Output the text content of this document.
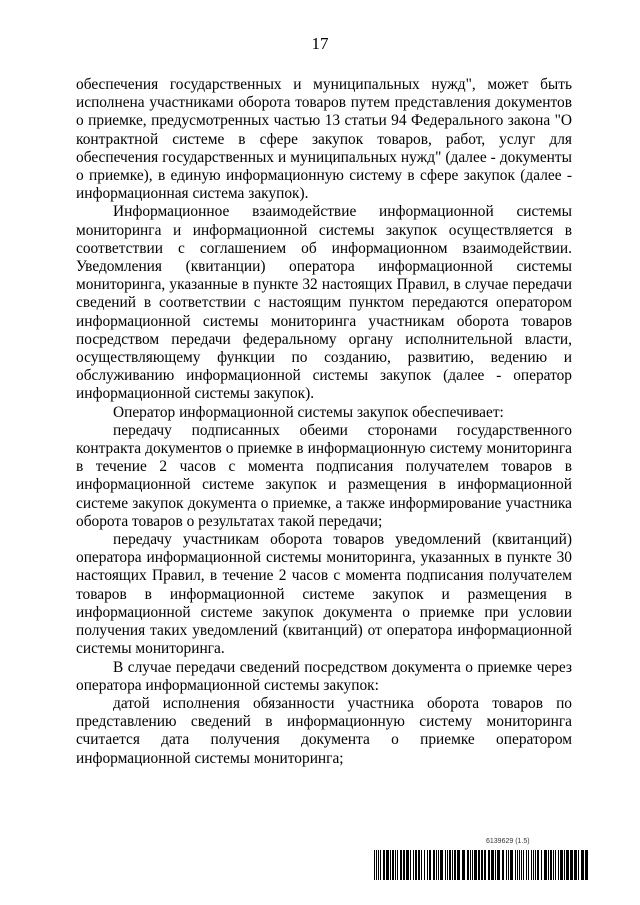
17

обеспечения государственных и муниципальных нужд", может быть исполнена участниками оборота товаров путем представления документов о приемке, предусмотренных частью 13 статьи 94 Федерального закона "О контрактной системе в сфере закупок товаров, работ, услуг для обеспечения государственных и муниципальных нужд" (далее - документы о приемке), в единую информационную систему в сфере закупок (далее - информационная система закупок).

Информационное взаимодействие информационной системы мониторинга и информационной системы закупок осуществляется в соответствии с соглашением об информационном взаимодействии. Уведомления (квитанции) оператора информационной системы мониторинга, указанные в пункте 32 настоящих Правил, в случае передачи сведений в соответствии с настоящим пунктом передаются оператором информационной системы мониторинга участникам оборота товаров посредством передачи федеральному органу исполнительной власти, осуществляющему функции по созданию, развитию, ведению и обслуживанию информационной системы закупок (далее - оператор информационной системы закупок).

Оператор информационной системы закупок обеспечивает:

передачу подписанных обеими сторонами государственного контракта документов о приемке в информационную систему мониторинга в течение 2 часов с момента подписания получателем товаров в информационной системе закупок и размещения в информационной системе закупок документа о приемке, а также информирование участника оборота товаров о результатах такой передачи;

передачу участникам оборота товаров уведомлений (квитанций) оператора информационной системы мониторинга, указанных в пункте 30 настоящих Правил, в течение 2 часов с момента подписания получателем товаров в информационной системе закупок и размещения в информационной системе закупок документа о приемке при условии получения таких уведомлений (квитанций) от оператора информационной системы мониторинга.

В случае передачи сведений посредством документа о приемке через оператора информационной системы закупок:

датой исполнения обязанности участника оборота товаров по представлению сведений в информационную систему мониторинга считается дата получения документа о приемке оператором информационной системы мониторинга;

6139629 (1.5)
